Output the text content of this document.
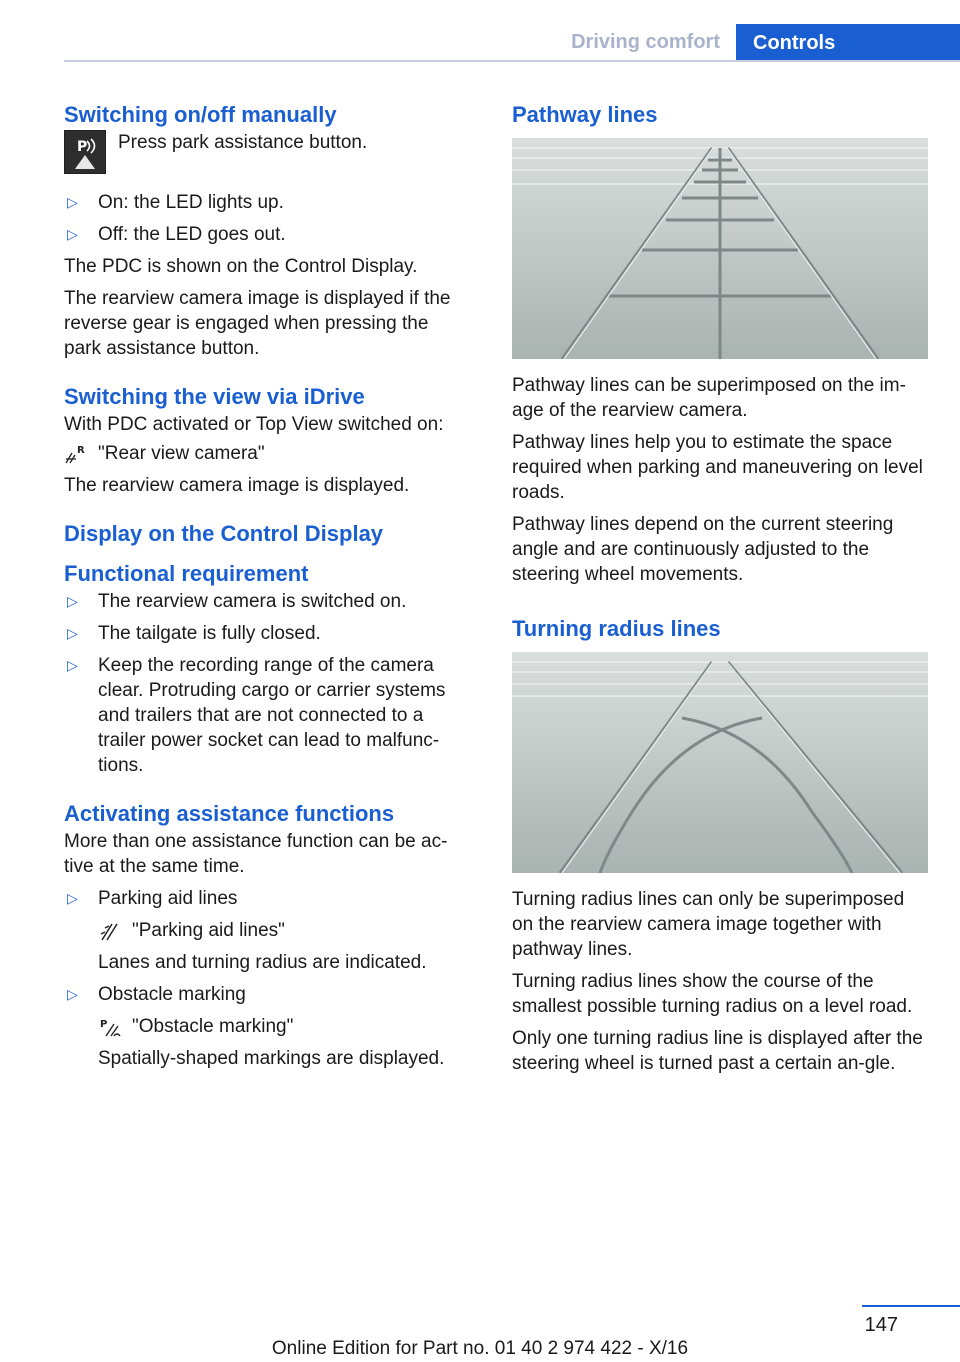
Driving comfort	Controls
Switching on/off manually
P Press park assistance button.
▷ On: the LED lights up.
▷ Off: the LED goes out.

The PDC is shown on the Control Display.

The rearview camera image is displayed if the reverse gear is engaged when pressing the park assistance button.

Switching the view via iDrive

With PDC activated or Top View switched on:

R "Rear view camera"

The rearview camera image is displayed.

Display on the Control Display
Functional requirement
▷ The rearview camera is switched on.
▷ The tailgate is fully closed.
▷ Keep the recording range of the camera clear. Protruding cargo or carrier systems and trailers that are not connected to a trailer power socket can lead to malfunc‐tions.
Activating assistance functions

More than one assistance function can be ac‐tive at the same time.

▷ Parking aid lines
"Parking aid lines"
Lanes and turning radius are indicated.
▷ Obstacle marking
P "Obstacle marking"
Spatially-shaped markings are displayed.
Pathway lines

Pathway lines can be superimposed on the im‐age of the rearview camera.

Pathway lines help you to estimate the space required when parking and maneuvering on level roads.

Pathway lines depend on the current steering angle and are continuously adjusted to the steering wheel movements.

Turning radius lines

Turning radius lines can only be superimposed on the rearview camera image together with pathway lines.

Turning radius lines show the course of the smallest possible turning radius on a level road.

Only one turning radius line is displayed after the steering wheel is turned past a certain an‐gle.

147
Online Edition for Part no. 01 40 2 974 422 - X/16
